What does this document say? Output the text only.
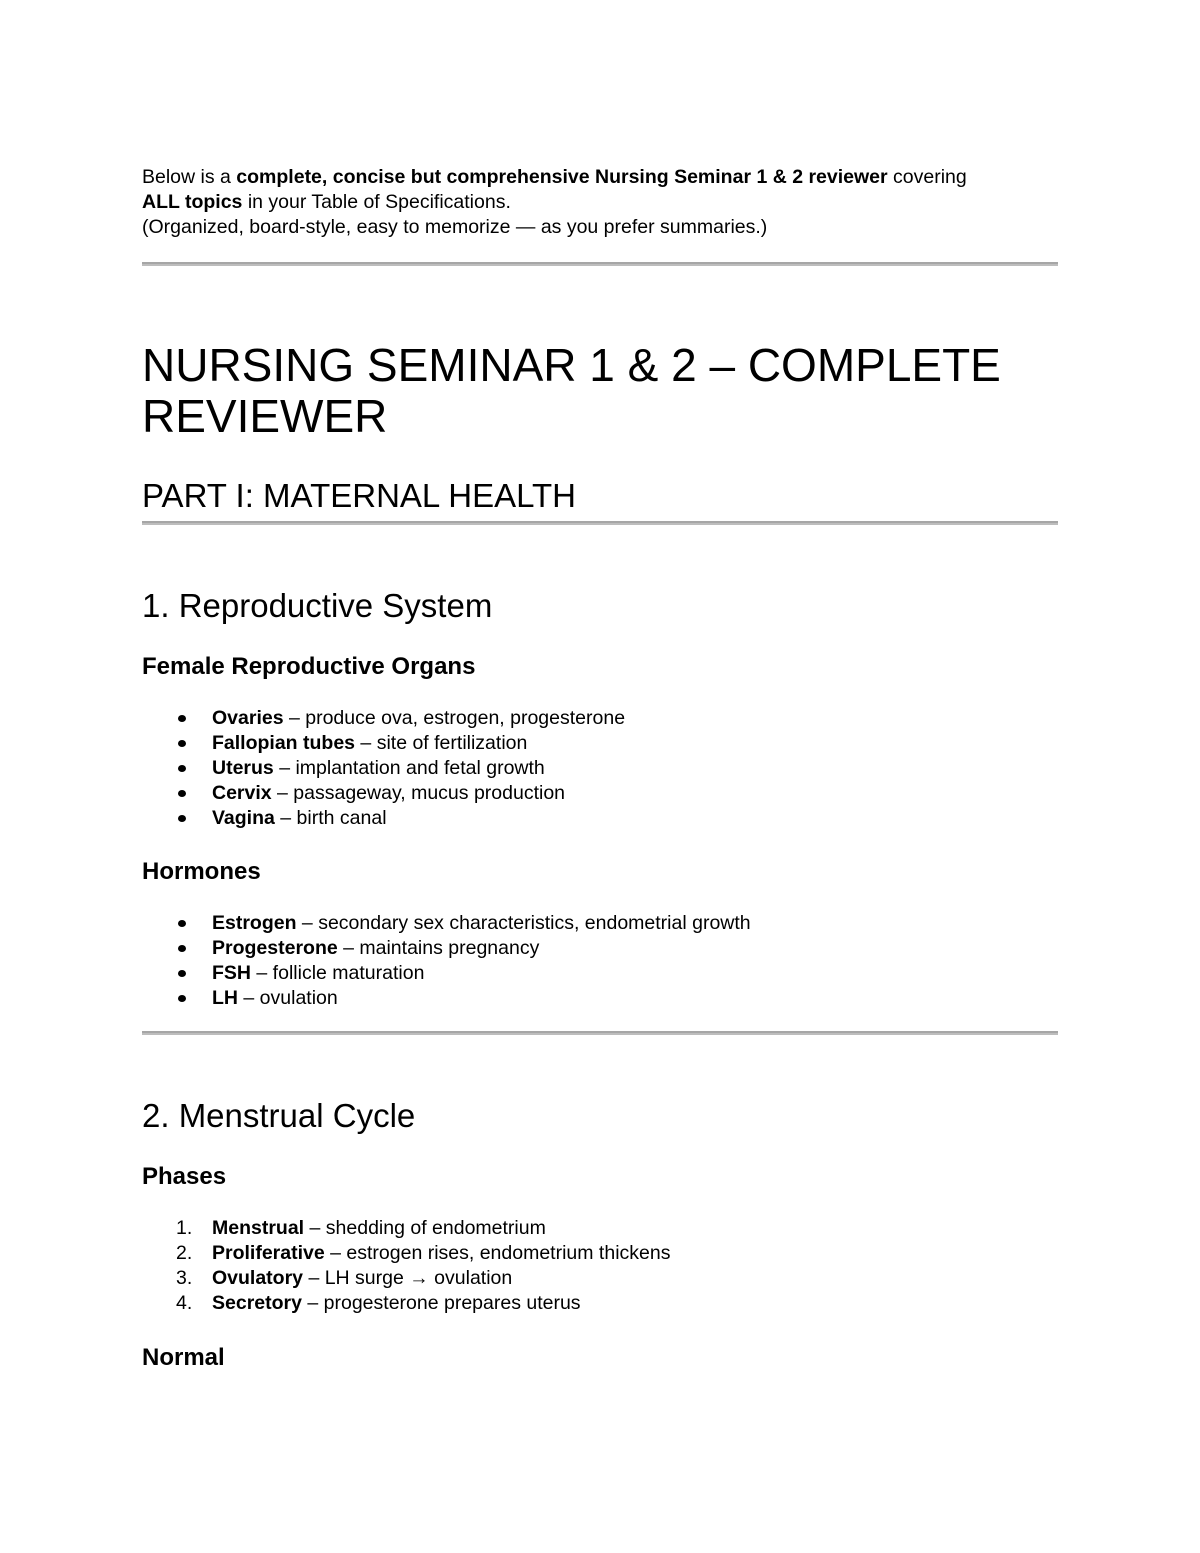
Below is a complete, concise but comprehensive Nursing Seminar 1 & 2 reviewer covering

ALL topics in your Table of Specifications.

(Organized, board-style, easy to memorize — as you prefer summaries.)

NURSING SEMINAR 1 & 2 – COMPLETE REVIEWER
PART I: MATERNAL HEALTH
1. Reproductive System
Female Reproductive Organs
Ovaries – produce ova, estrogen, progesterone
Fallopian tubes – site of fertilization
Uterus – implantation and fetal growth
Cervix – passageway, mucus production
Vagina – birth canal
Hormones
Estrogen – secondary sex characteristics, endometrial growth
Progesterone – maintains pregnancy
FSH – follicle maturation
LH – ovulation
2. Menstrual Cycle
Phases
1. Menstrual – shedding of endometrium
2. Proliferative – estrogen rises, endometrium thickens
3. Ovulatory – LH surge → ovulation
4. Secretory – progesterone prepares uterus
Normal
